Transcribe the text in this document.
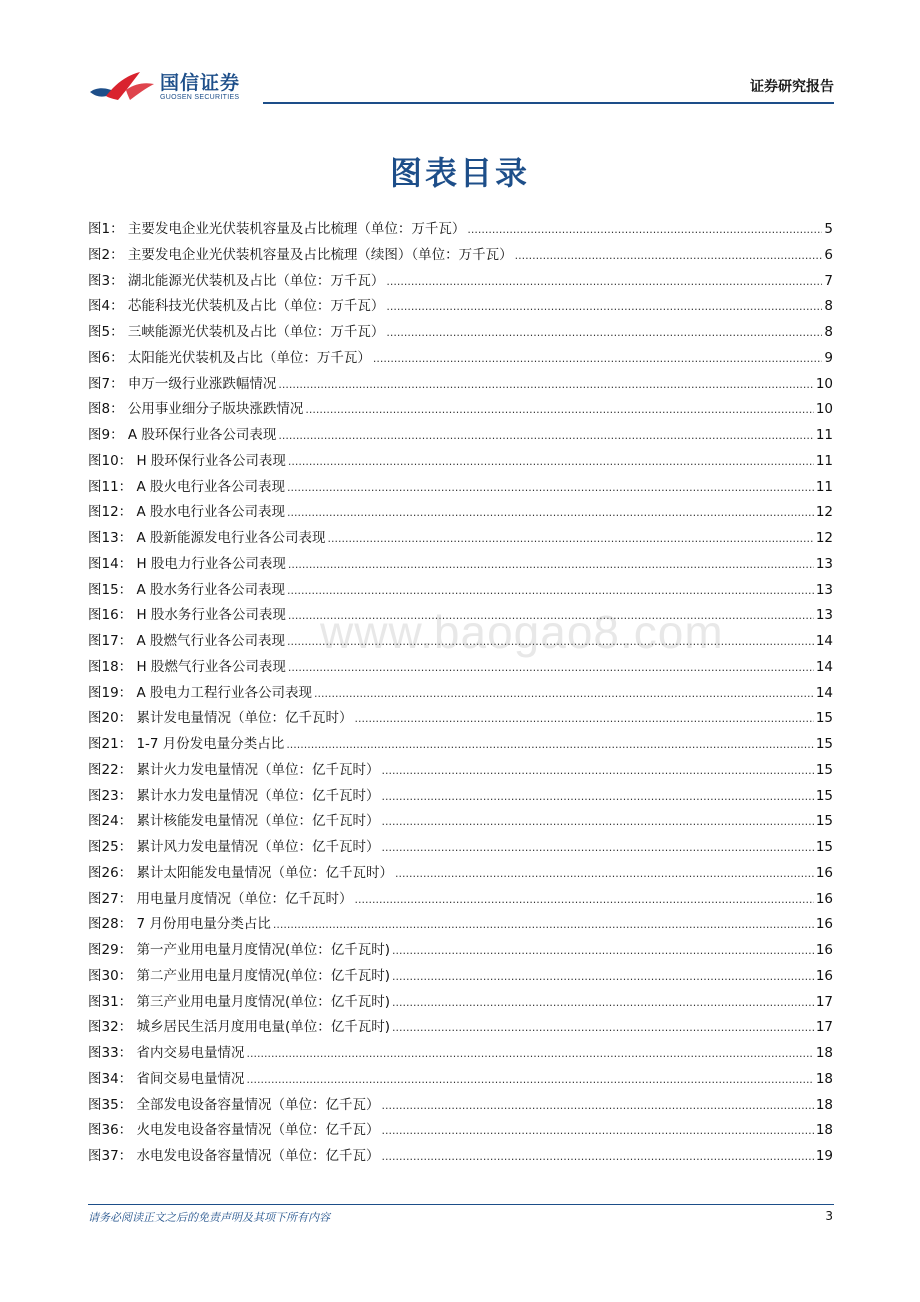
国信证券
GUOSEN SECURITIES
证券研究报告
图表目录
图1： 主要发电企业光伏装机容量及占比梳理（单位：万千瓦） .....	5
图2： 主要发电企业光伏装机容量及占比梳理（续图）（单位：万千瓦） .....	6
图3： 湖北能源光伏装机及占比（单位：万千瓦） .....	7
图4： 芯能科技光伏装机及占比（单位：万千瓦） .....	8
图5： 三峡能源光伏装机及占比（单位：万千瓦） .....	8
图6： 太阳能光伏装机及占比（单位：万千瓦） .....	9
图7： 申万一级行业涨跌幅情况 .....	10
图8： 公用事业细分子版块涨跌情况 .....	10
图9： A 股环保行业各公司表现 .....	11
图10： H 股环保行业各公司表现 .....	11
图11： A 股火电行业各公司表现 .....	11
图12： A 股水电行业各公司表现 .....	12
图13： A 股新能源发电行业各公司表现 .....	12
图14： H 股电力行业各公司表现 .....	13
图15： A 股水务行业各公司表现 .....	13
图16： H 股水务行业各公司表现 .....	13
图17： A 股燃气行业各公司表现 .....	14
图18： H 股燃气行业各公司表现 .....	14
图19： A 股电力工程行业各公司表现 .....	14
图20： 累计发电量情况（单位：亿千瓦时） .....	15
图21： 1-7 月份发电量分类占比 .....	15
图22： 累计火力发电量情况（单位：亿千瓦时） .....	15
图23： 累计水力发电量情况（单位：亿千瓦时） .....	15
图24： 累计核能发电量情况（单位：亿千瓦时） .....	15
图25： 累计风力发电量情况（单位：亿千瓦时） .....	15
图26： 累计太阳能发电量情况（单位：亿千瓦时） .....	16
图27： 用电量月度情况（单位：亿千瓦时） .....	16
图28： 7 月份用电量分类占比 .....	16
图29： 第一产业用电量月度情况(单位：亿千瓦时) .....	16
图30： 第二产业用电量月度情况(单位：亿千瓦时) .....	16
图31： 第三产业用电量月度情况(单位：亿千瓦时) .....	17
图32： 城乡居民生活月度用电量(单位：亿千瓦时) .....	17
图33： 省内交易电量情况 .....	18
图34： 省间交易电量情况 .....	18
图35： 全部发电设备容量情况（单位：亿千瓦） .....	18
图36： 火电发电设备容量情况（单位：亿千瓦） .....	18
图37： 水电发电设备容量情况（单位：亿千瓦） .....	19
www.baogao8.com
请务必阅读正文之后的免责声明及其项下所有内容	3
